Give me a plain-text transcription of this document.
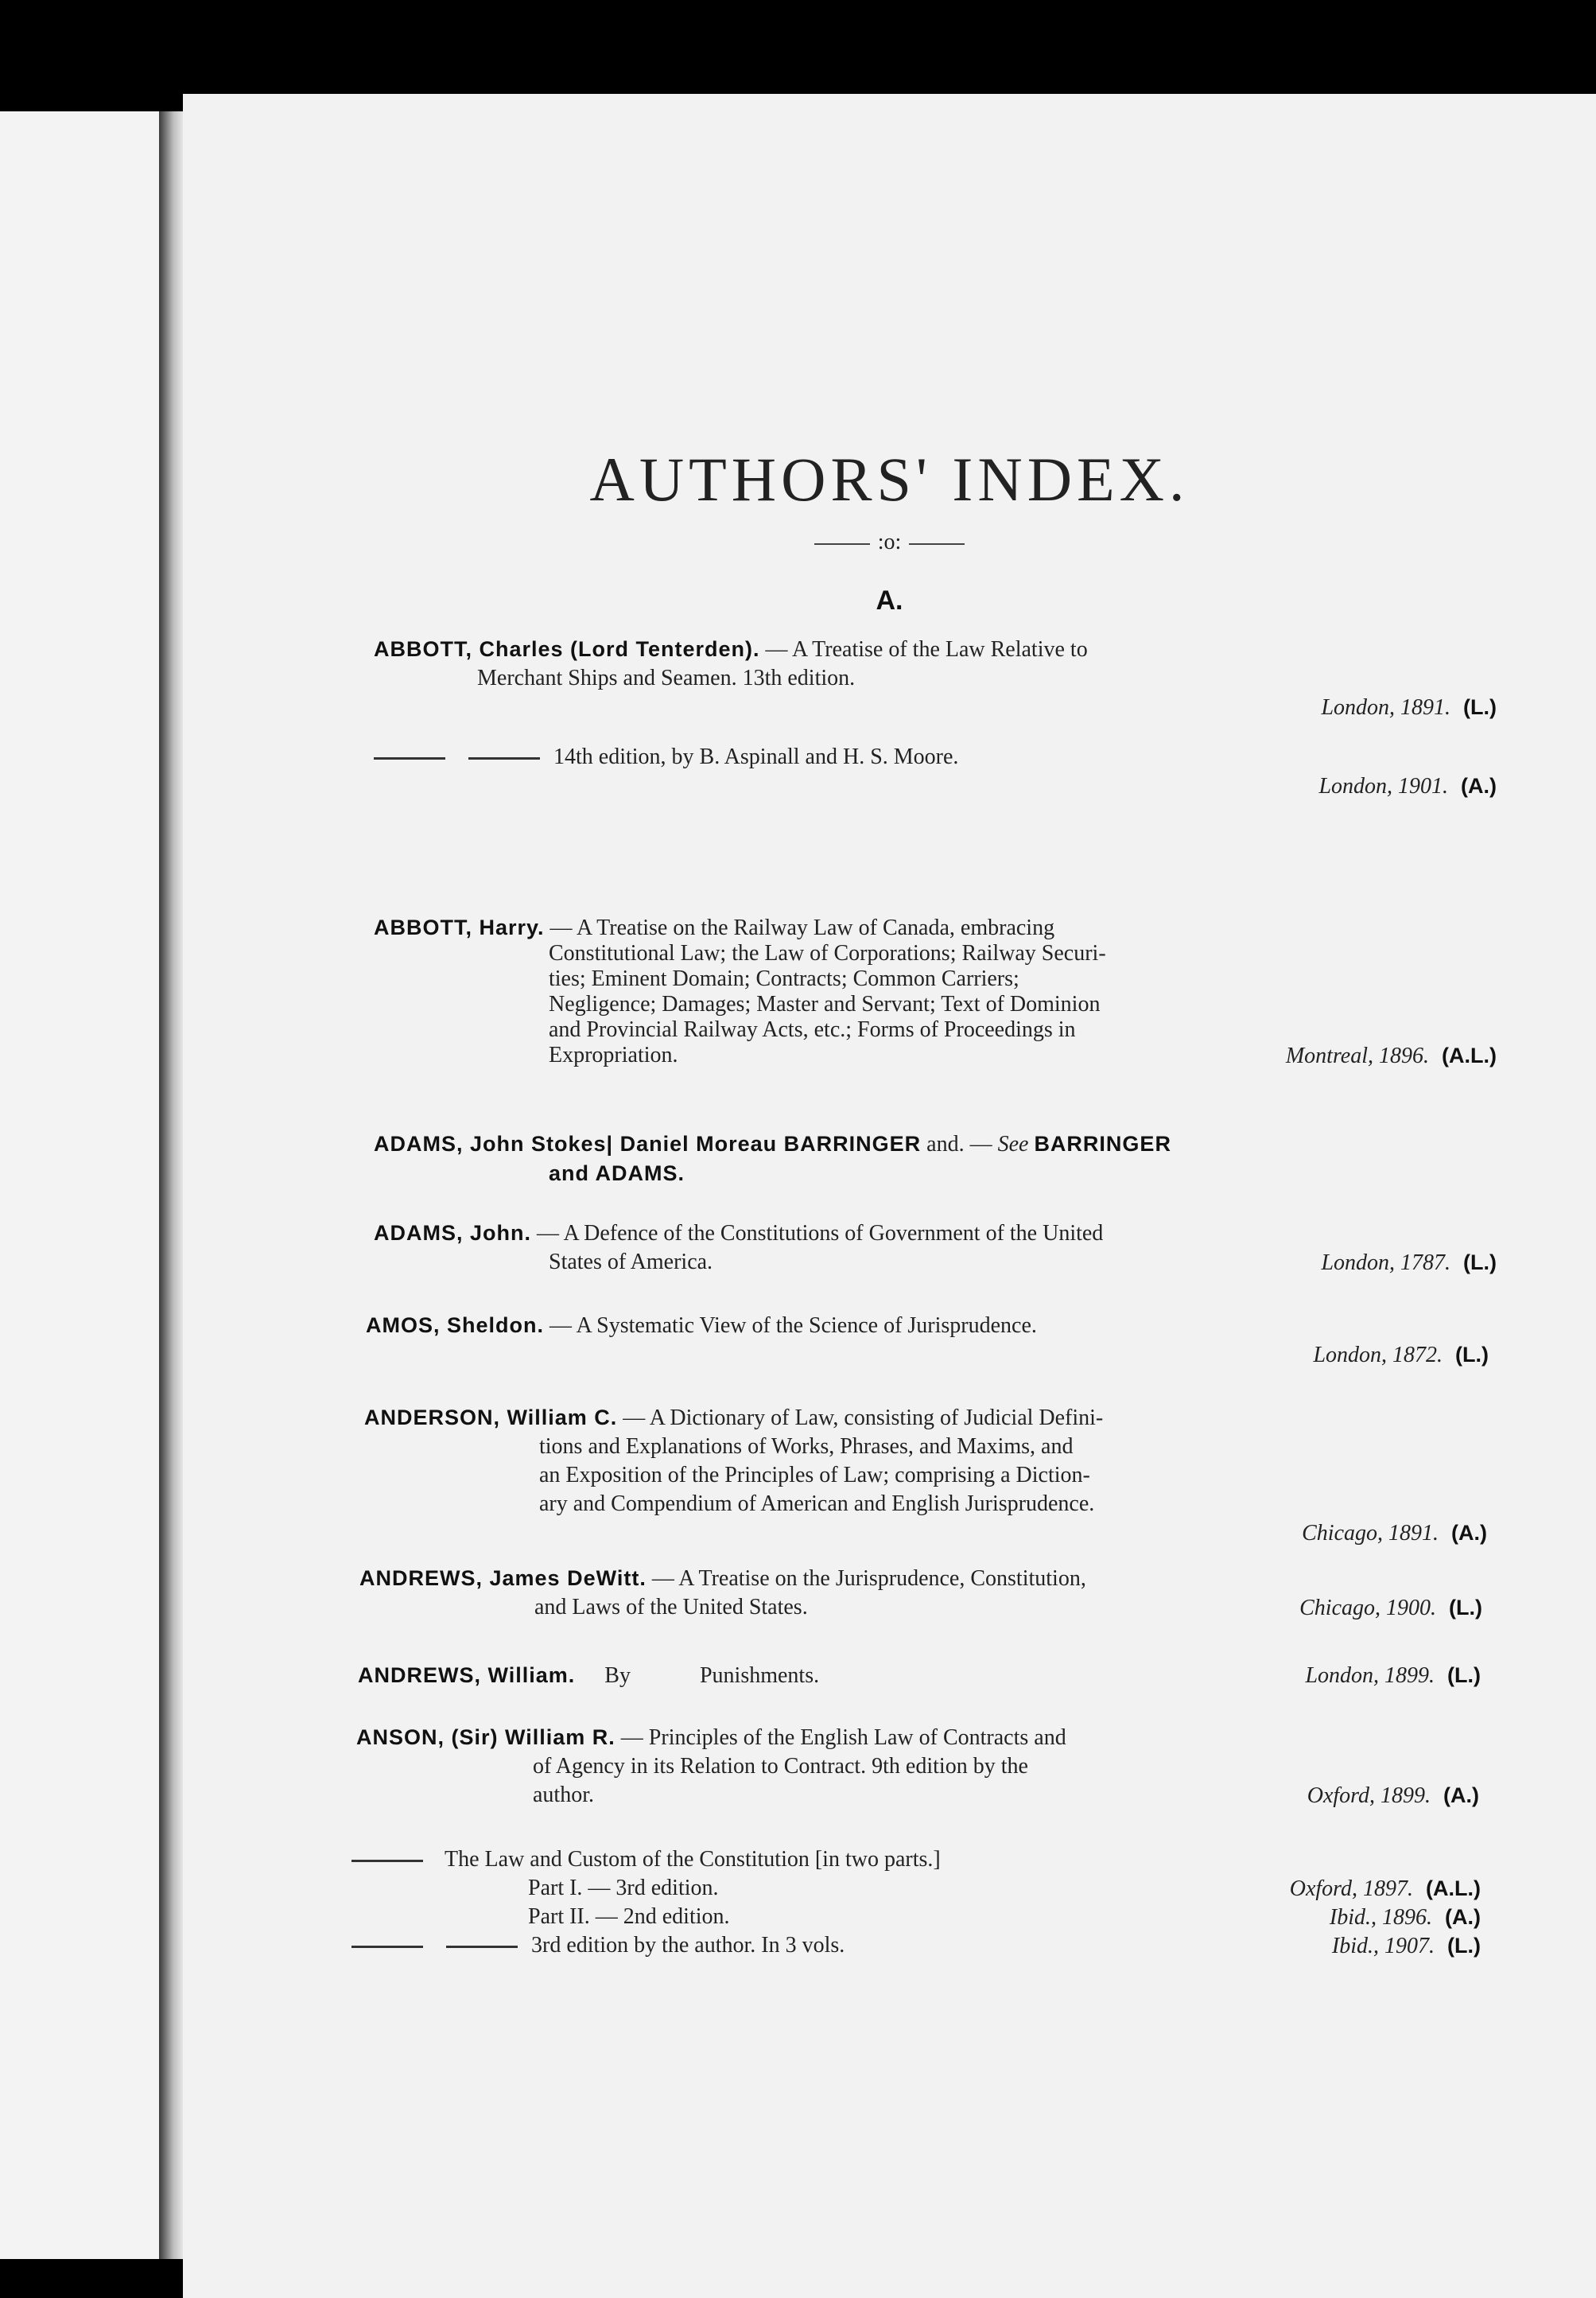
AUTHORS' INDEX.
:o:
A.
ABBOTT, Charles (Lord Tenterden). — A Treatise of the Law Relative to
Merchant Ships and Seamen. 13th edition.
London, 1891. (L.)
14th edition, by B. Aspinall and H. S. Moore.
London, 1901. (A.)
ABBOTT, Harry. — A Treatise on the Railway Law of Canada, embracing
Constitutional Law; the Law of Corporations; Railway Securi-
ties; Eminent Domain; Contracts; Common Carriers;
Negligence; Damages; Master and Servant; Text of Dominion
and Provincial Railway Acts, etc.; Forms of Proceedings in
Expropriation.	Montreal, 1896. (A.L.)
ADAMS, John Stokes| Daniel Moreau BARRINGER and. — See BARRINGER
and ADAMS.
ADAMS, John. — A Defence of the Constitutions of Government of the United
States of America.	London, 1787. (L.)
AMOS, Sheldon. — A Systematic View of the Science of Jurisprudence.
London, 1872. (L.)
ANDERSON, William C. — A Dictionary of Law, consisting of Judicial Defini-
tions and Explanations of Works, Phrases, and Maxims, and
an Exposition of the Principles of Law; comprising a Diction-
ary and Compendium of American and English Jurisprudence.
Chicago, 1891. (A.)
ANDREWS, James DeWitt. — A Treatise on the Jurisprudence, Constitution,
and Laws of the United States.	Chicago, 1900. (L.)
ANDREWS, William. By	Punishments.	London, 1899. (L.)
ANSON, (Sir) William R. — Principles of the English Law of Contracts and
of Agency in its Relation to Contract. 9th edition by the
author.	Oxford, 1899. (A.)
The Law and Custom of the Constitution [in two parts.]
Part I. — 3rd edition.	Oxford, 1897. (A.L.)
Part II. — 2nd edition.	Ibid., 1896. (A.)
3rd edition by the author. In 3 vols.	Ibid., 1907. (L.)
